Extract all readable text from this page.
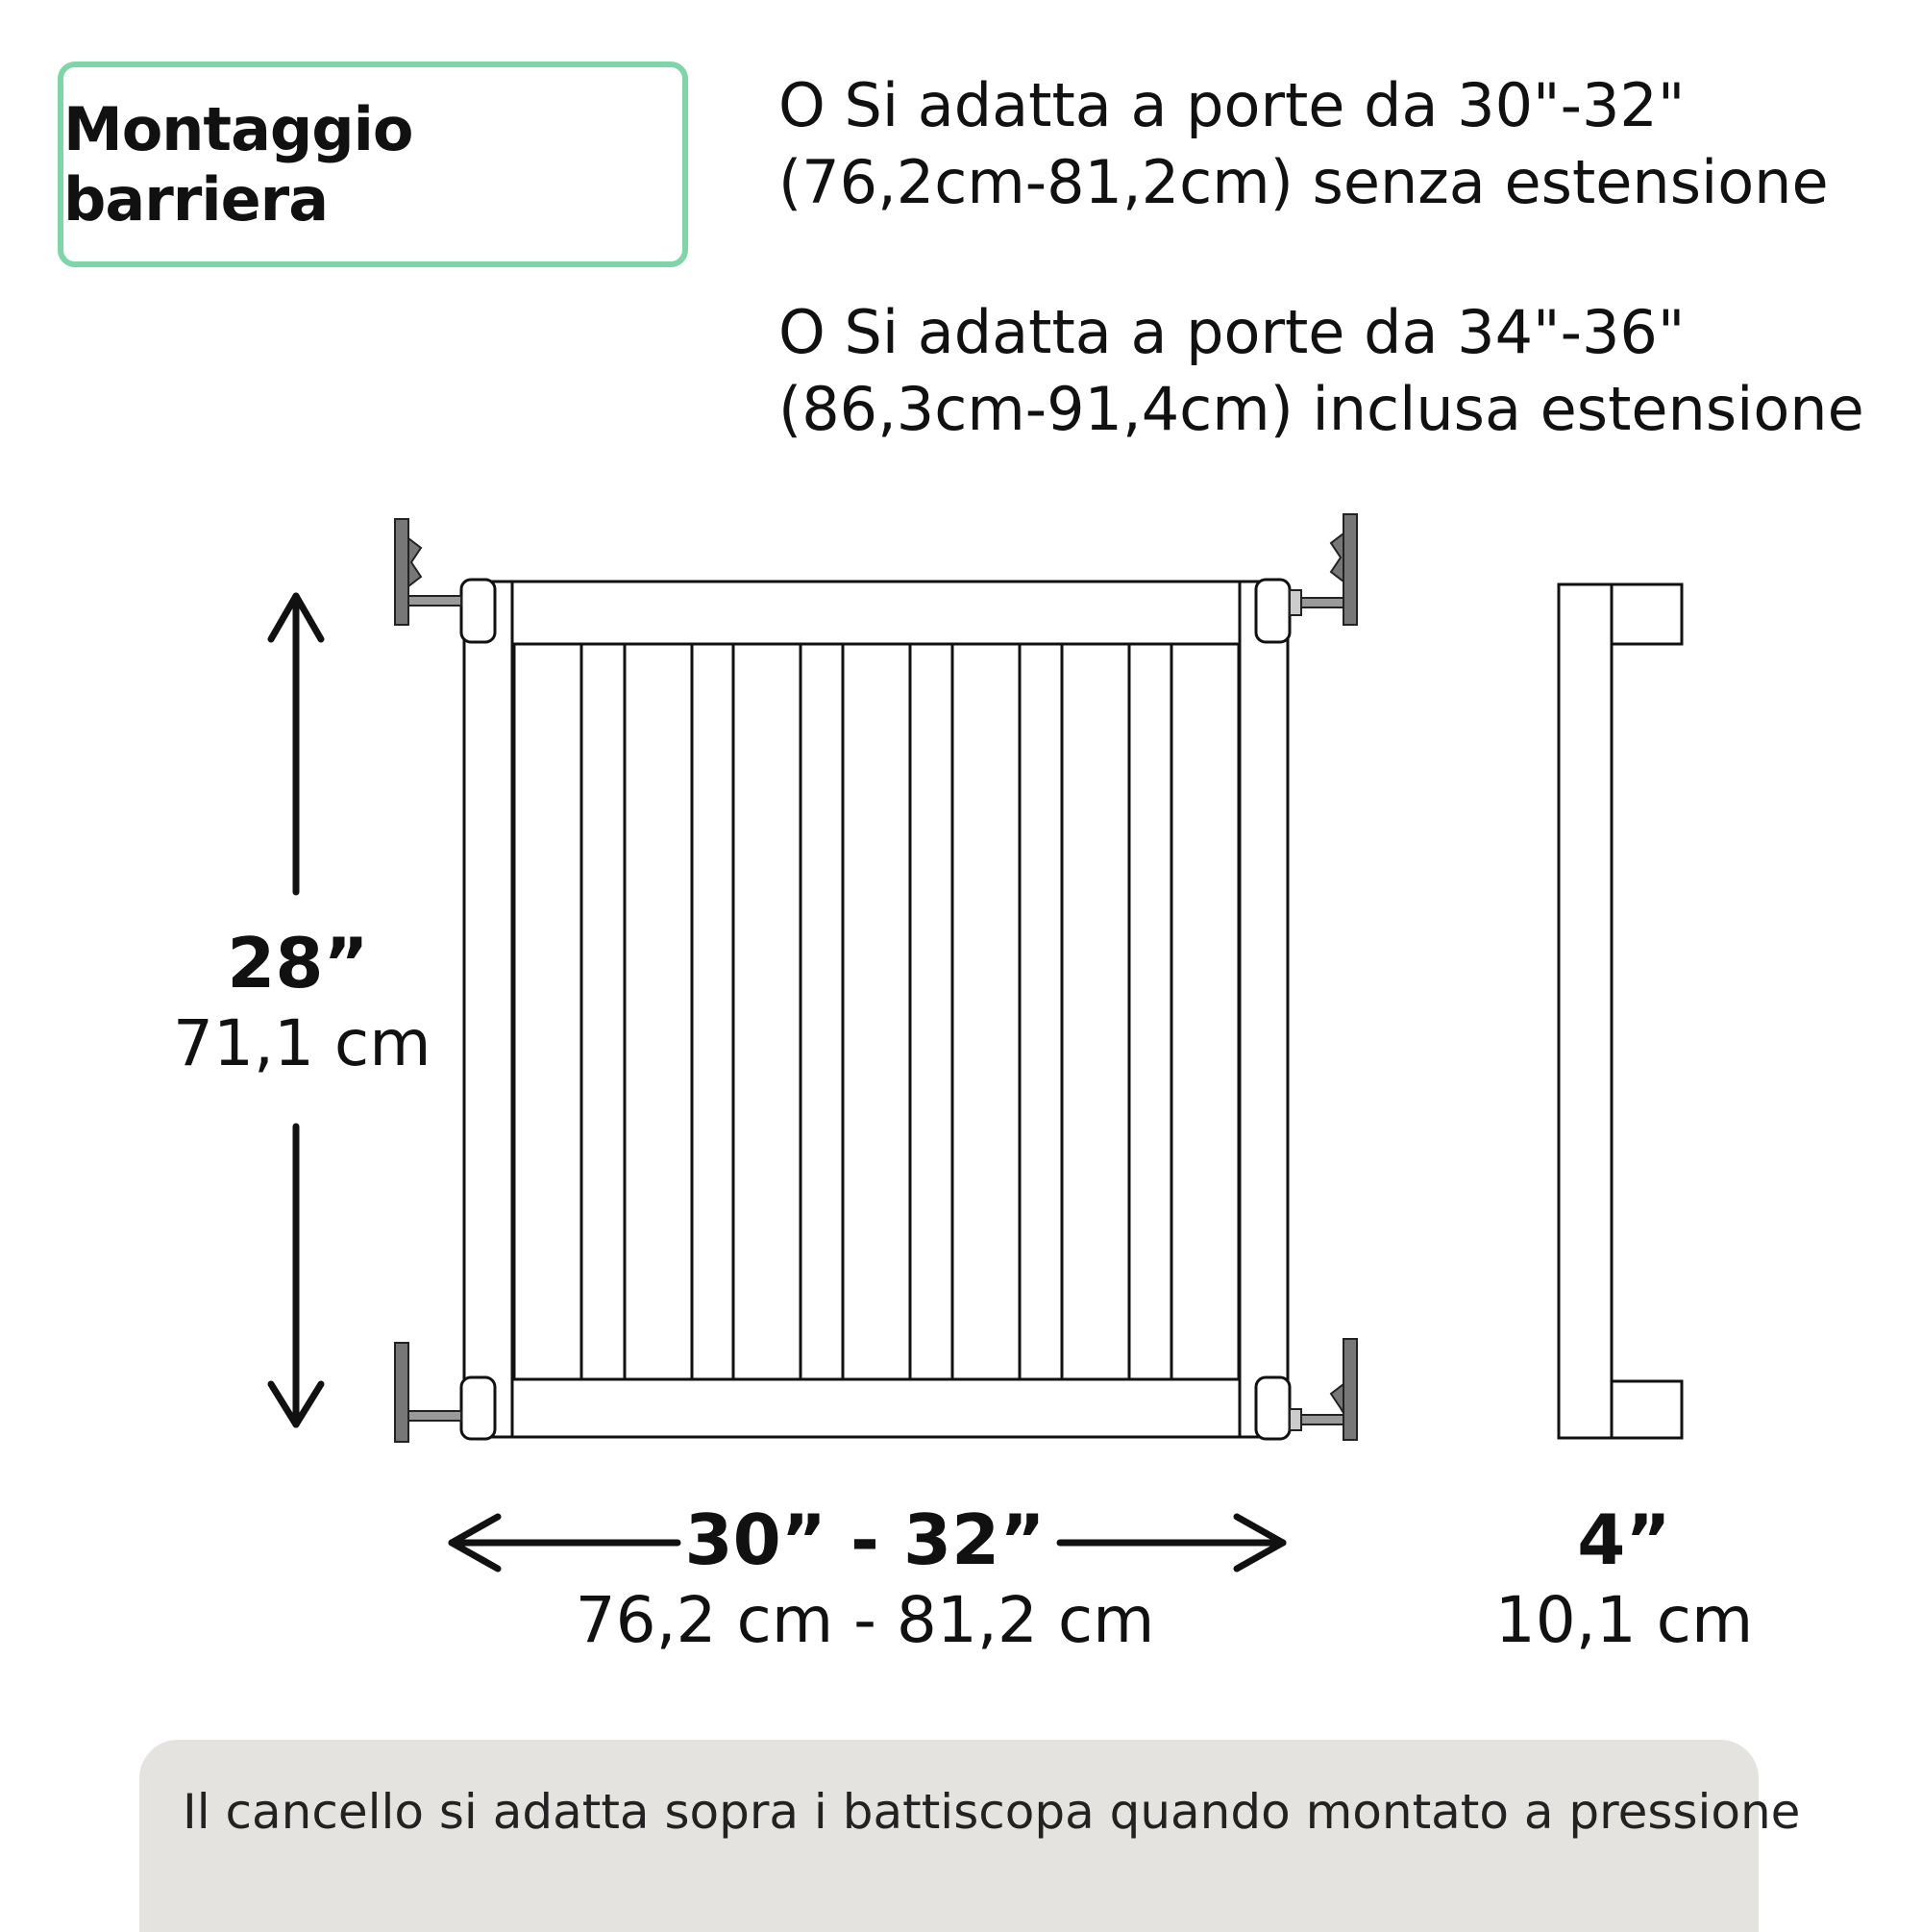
Montaggio barriera
O Si adatta a porte da 30"-32"
(76,2cm-81,2cm) senza estensione
O Si adatta a porte da 34"-36"
(86,3cm-91,4cm) inclusa estensione
28”
71,1 cm
30” - 32”
76,2 cm - 81,2 cm
4”
10,1 cm
Il cancello si adatta sopra i battiscopa quando montato a pressione
